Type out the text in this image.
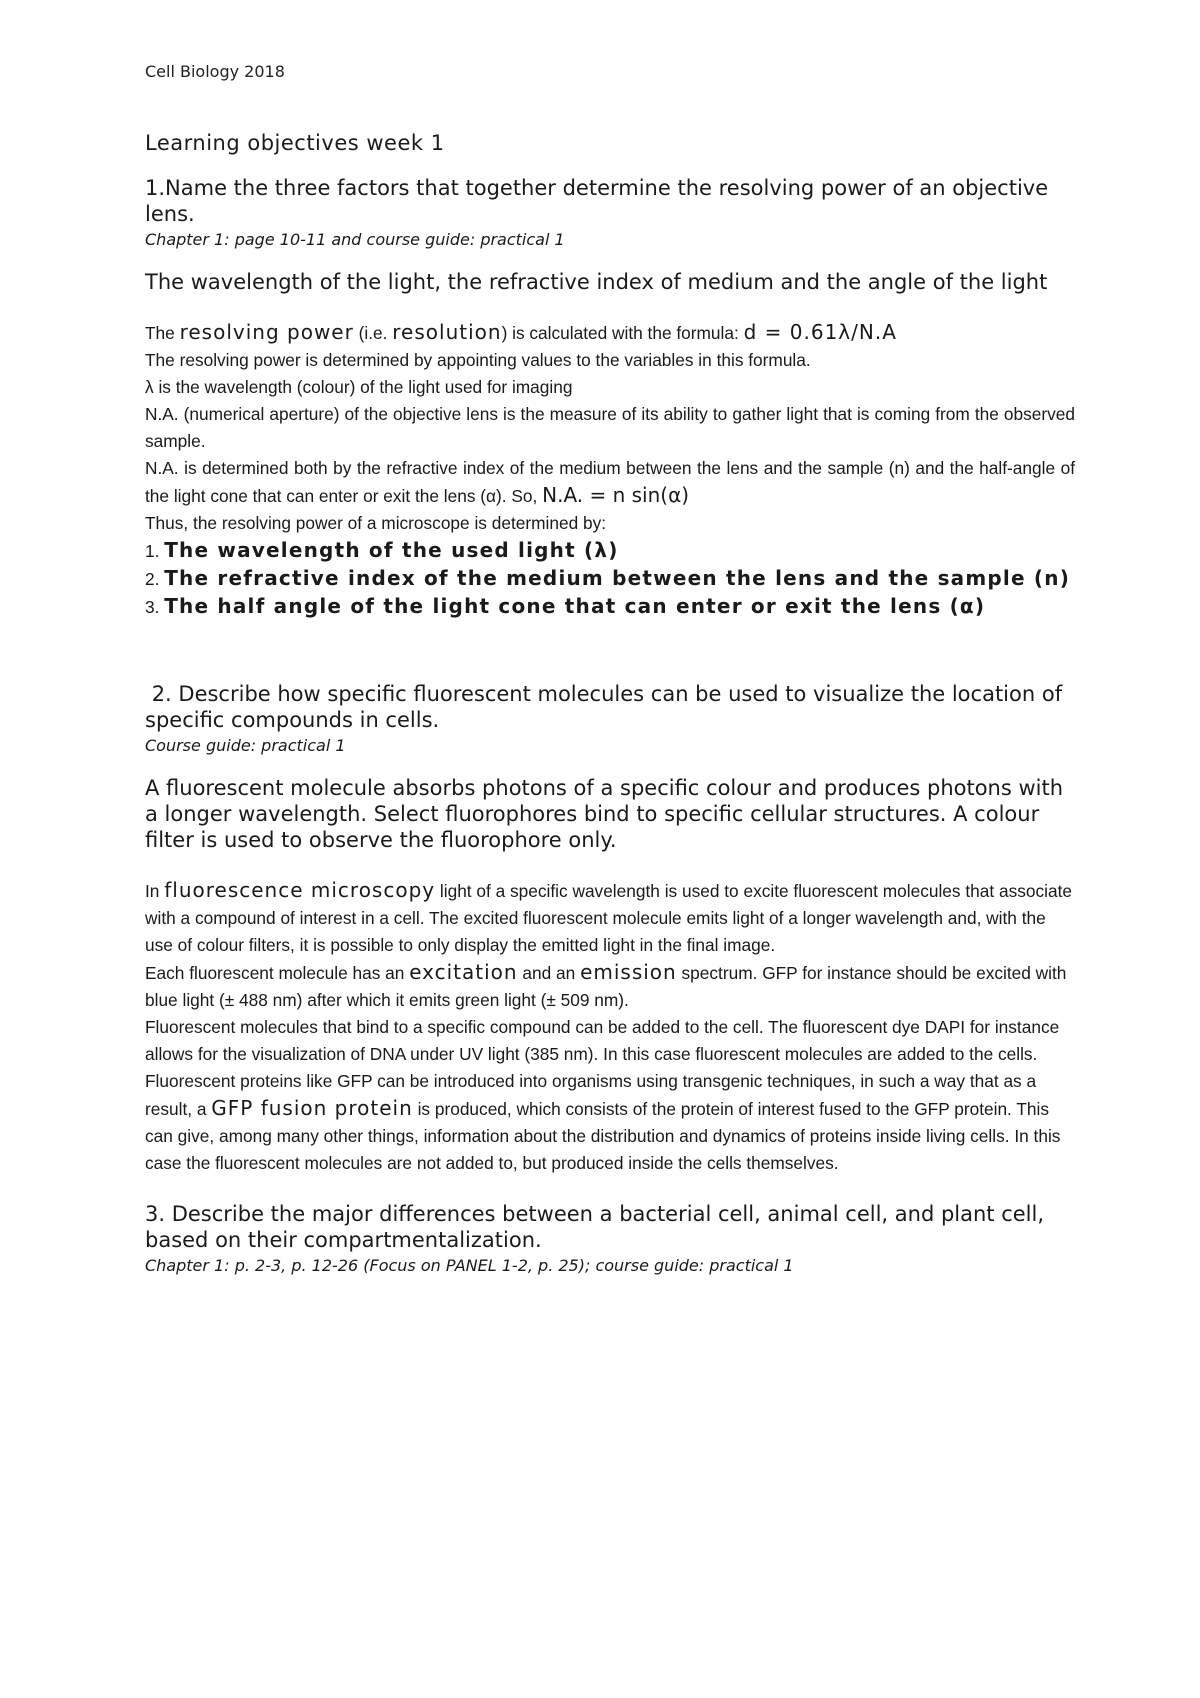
Cell Biology 2018

Learning objectives week 1

1.Name the three factors that together determine the resolving power of an objective lens.

Chapter 1: page 10-11 and course guide: practical 1

The wavelength of the light, the refractive index of medium and the angle of the light

The resolving power (i.e. resolution) is calculated with the formula: d = 0.61λ/N.A

The resolving power is determined by appointing values to the variables in this formula.

λ is the wavelength (colour) of the light used for imaging

N.A. (numerical aperture) of the objective lens is the measure of its ability to gather light that is coming from the observed sample.

N.A. is determined both by the refractive index of the medium between the lens and the sample (n) and the half-angle of the light cone that can enter or exit the lens (α). So, N.A. = n sin(α)

Thus, the resolving power of a microscope is determined by:

1. The wavelength of the used light (λ)

2. The refractive index of the medium between the lens and the sample (n)

3. The half angle of the light cone that can enter or exit the lens (α)

2. Describe how specific fluorescent molecules can be used to visualize the location of specific compounds in cells.

Course guide: practical 1

A fluorescent molecule absorbs photons of a specific colour and produces photons with a longer wavelength. Select fluorophores bind to specific cellular structures. A colour filter is used to observe the fluorophore only.

In fluorescence microscopy light of a specific wavelength is used to excite fluorescent molecules that associate with a compound of interest in a cell. The excited fluorescent molecule emits light of a longer wavelength and, with the use of colour filters, it is possible to only display the emitted light in the final image.

Each fluorescent molecule has an excitation and an emission spectrum. GFP for instance should be excited with blue light (± 488 nm) after which it emits green light (± 509 nm).

Fluorescent molecules that bind to a specific compound can be added to the cell. The fluorescent dye DAPI for instance allows for the visualization of DNA under UV light (385 nm). In this case fluorescent molecules are added to the cells.

Fluorescent proteins like GFP can be introduced into organisms using transgenic techniques, in such a way that as a result, a GFP fusion protein is produced, which consists of the protein of interest fused to the GFP protein. This can give, among many other things, information about the distribution and dynamics of proteins inside living cells. In this case the fluorescent molecules are not added to, but produced inside the cells themselves.

3. Describe the major differences between a bacterial cell, animal cell, and plant cell, based on their compartmentalization.

Chapter 1: p. 2-3, p. 12-26 (Focus on PANEL 1-2, p. 25); course guide: practical 1
